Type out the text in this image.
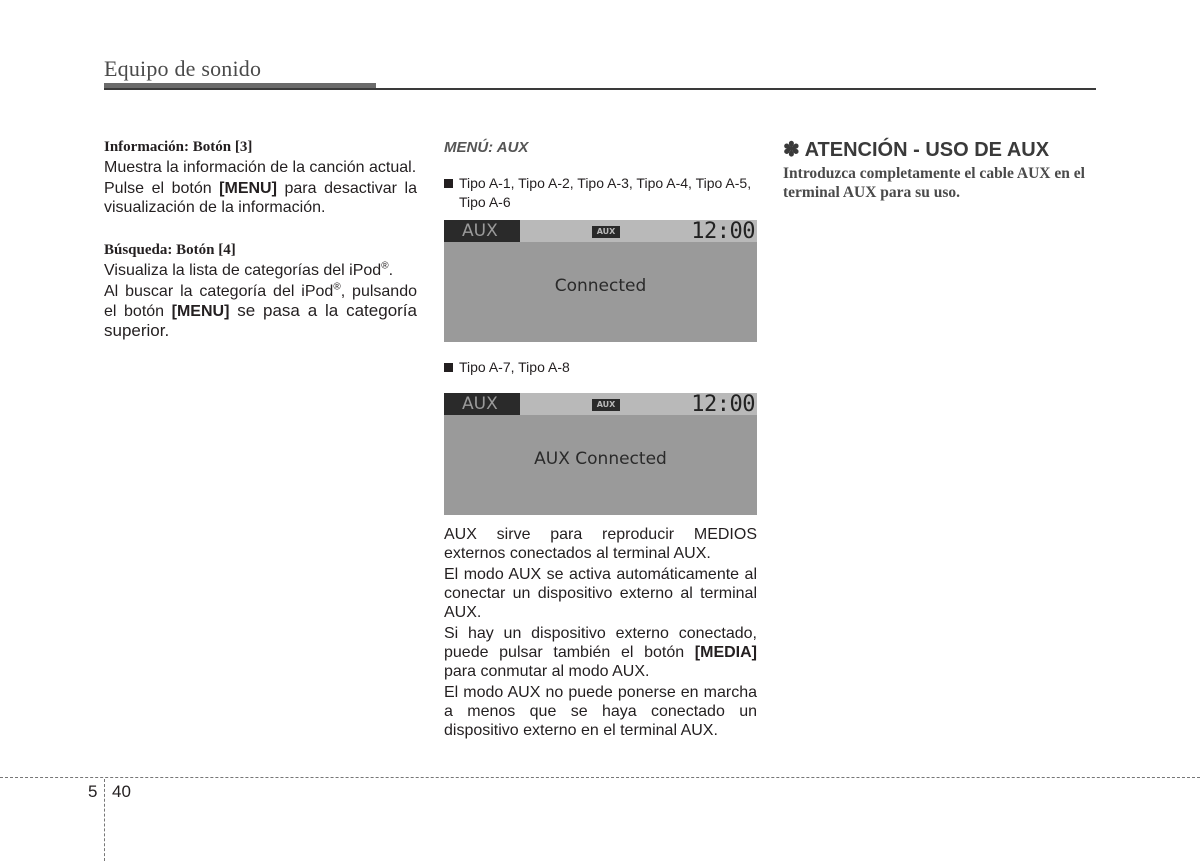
Equipo de sonido

Información: Botón [3]

Muestra la información de la canción actual.

Pulse el botón [MENU] para desactivar la visualización de la información.

Búsqueda: Botón [4]

Visualiza la lista de categorías del iPod®.

Al buscar la categoría del iPod®, pulsando el botón [MENU] se pasa a la categoría superior.

MENÚ: AUX

Tipo A-1, Tipo A-2, Tipo A-3, Tipo A-4, Tipo A-5, Tipo A-6

AUX	AUX	12:00
Connected

Tipo A-7, Tipo A-8

AUX	AUX	12:00
AUX Connected

AUX sirve para reproducir MEDIOS externos conectados al terminal AUX.

El modo AUX se activa automáticamente al conectar un dispositivo externo al terminal AUX.

Si hay un dispositivo externo conectado, puede pulsar también el botón [MEDIA] para conmutar al modo AUX.

El modo AUX no puede ponerse en marcha a menos que se haya conectado un dispositivo externo en el terminal AUX.

✽ ATENCIÓN - USO DE AUX

Introduzca completamente el cable AUX en el terminal AUX para su uso.

5 40
